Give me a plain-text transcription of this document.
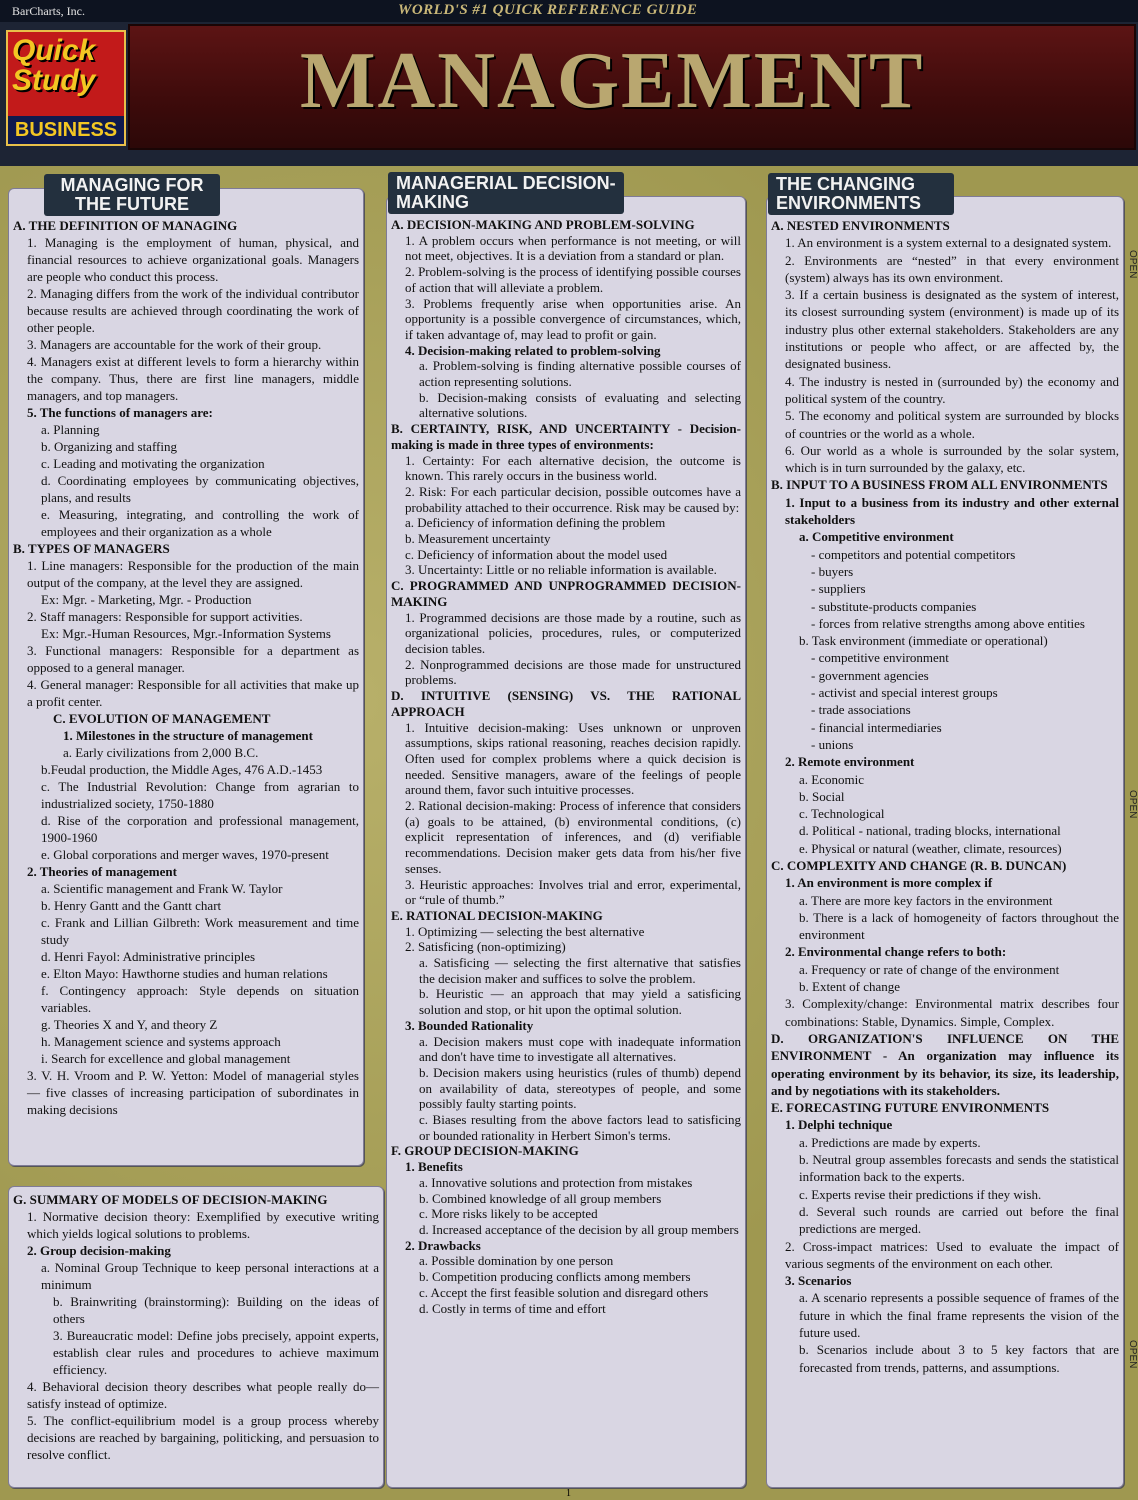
BarCharts, Inc.	WORLD'S #1 QUICK REFERENCE GUIDE
Quick
Study
BUSINESS
MANAGEMENT
MANAGING FOR
THE FUTURE

A. THE DEFINITION OF MANAGING

1. Managing is the employment of human, physical, and financial resources to achieve organizational goals. Managers are people who conduct this process.

2. Managing differs from the work of the individual contributor because results are achieved through coordinating the work of other people.

3. Managers are accountable for the work of their group.

4. Managers exist at different levels to form a hierarchy within the company. Thus, there are first line managers, middle managers, and top managers.

5. The functions of managers are:

a. Planning

b. Organizing and staffing

c. Leading and motivating the organization

d. Coordinating employees by communicating objectives, plans, and results

e. Measuring, integrating, and controlling the work of employees and their organization as a whole

B. TYPES OF MANAGERS

1. Line managers: Responsible for the production of the main output of the company, at the level they are assigned.

Ex: Mgr. - Marketing, Mgr. - Production

2. Staff managers: Responsible for support activities.

Ex: Mgr.-Human Resources, Mgr.-Information Systems

3. Functional managers: Responsible for a department as opposed to a general manager.

4. General manager: Responsible for all activities that make up a profit center.

C. EVOLUTION OF MANAGEMENT

1. Milestones in the structure of management

a. Early civilizations from 2,000 B.C.

b.Feudal production, the Middle Ages, 476 A.D.-1453

c. The Industrial Revolution: Change from agrarian to industrialized society, 1750-1880

d. Rise of the corporation and professional management, 1900-1960

e. Global corporations and merger waves, 1970-present

2. Theories of management

a. Scientific management and Frank W. Taylor

b. Henry Gantt and the Gantt chart

c. Frank and Lillian Gilbreth: Work measurement and time study

d. Henri Fayol: Administrative principles

e. Elton Mayo: Hawthorne studies and human relations

f. Contingency approach: Style depends on situation variables.

g. Theories X and Y, and theory Z

h. Management science and systems approach

i. Search for excellence and global management

3. V. H. Vroom and P. W. Yetton: Model of managerial styles — five classes of increasing participation of subordinates in making decisions

G. SUMMARY OF MODELS OF DECISION-MAKING

1. Normative decision theory: Exemplified by executive writing which yields logical solutions to problems.

2. Group decision-making

a. Nominal Group Technique to keep personal interactions at a minimum

b. Brainwriting (brainstorming): Building on the ideas of others

3. Bureaucratic model: Define jobs precisely, appoint experts, establish clear rules and procedures to achieve maximum efficiency.

4. Behavioral decision theory describes what people really do—satisfy instead of optimize.

5. The conflict-equilibrium model is a group process whereby decisions are reached by bargaining, politicking, and persuasion to resolve conflict.

MANAGERIAL DECISION-
MAKING

A. DECISION-MAKING AND PROBLEM-SOLVING

1. A problem occurs when performance is not meeting, or will not meet, objectives. It is a deviation from a standard or plan.

2. Problem-solving is the process of identifying possible courses of action that will alleviate a problem.

3. Problems frequently arise when opportunities arise. An opportunity is a possible convergence of circumstances, which, if taken advantage of, may lead to profit or gain.

4. Decision-making related to problem-solving

a. Problem-solving is finding alternative possible courses of action representing solutions.

b. Decision-making consists of evaluating and selecting alternative solutions.

B. CERTAINTY, RISK, AND UNCERTAINTY - Decision-making is made in three types of environments:

1. Certainty: For each alternative decision, the outcome is known. This rarely occurs in the business world.

2. Risk: For each particular decision, possible outcomes have a probability attached to their occurrence. Risk may be caused by:

a. Deficiency of information defining the problem

b. Measurement uncertainty

c. Deficiency of information about the model used

3. Uncertainty: Little or no reliable information is available.

C. PROGRAMMED AND UNPROGRAMMED DECISION-MAKING

1. Programmed decisions are those made by a routine, such as organizational policies, procedures, rules, or computerized decision tables.

2. Nonprogrammed decisions are those made for unstructured problems.

D. INTUITIVE (SENSING) VS. THE RATIONAL APPROACH

1. Intuitive decision-making: Uses unknown or unproven assumptions, skips rational reasoning, reaches decision rapidly. Often used for complex problems where a quick decision is needed. Sensitive managers, aware of the feelings of people around them, favor such intuitive processes.

2. Rational decision-making: Process of inference that considers (a) goals to be attained, (b) environmental conditions, (c) explicit representation of inferences, and (d) verifiable recommendations. Decision maker gets data from his/her five senses.

3. Heuristic approaches: Involves trial and error, experimental, or “rule of thumb.”

E. RATIONAL DECISION-MAKING

1. Optimizing — selecting the best alternative

2. Satisficing (non-optimizing)

a. Satisficing — selecting the first alternative that satisfies the decision maker and suffices to solve the problem.

b. Heuristic — an approach that may yield a satisficing solution and stop, or hit upon the optimal solution.

3. Bounded Rationality

a. Decision makers must cope with inadequate information and don't have time to investigate all alternatives.

b. Decision makers using heuristics (rules of thumb) depend on availability of data, stereotypes of people, and some possibly faulty starting points.

c. Biases resulting from the above factors lead to satisficing or bounded rationality in Herbert Simon's terms.

F. GROUP DECISION-MAKING

1. Benefits

a. Innovative solutions and protection from mistakes

b. Combined knowledge of all group members

c. More risks likely to be accepted

d. Increased acceptance of the decision by all group members

2. Drawbacks

a. Possible domination by one person

b. Competition producing conflicts among members

c. Accept the first feasible solution and disregard others

d. Costly in terms of time and effort

THE CHANGING
ENVIRONMENTS

A. NESTED ENVIRONMENTS

1. An environment is a system external to a designated system.

2. Environments are “nested” in that every environment (system) always has its own environment.

3. If a certain business is designated as the system of interest, its closest surrounding system (environment) is made up of its industry plus other external stakeholders. Stakeholders are any institutions or people who affect, or are affected by, the designated business.

4. The industry is nested in (surrounded by) the economy and political system of the country.

5. The economy and political system are surrounded by blocks of countries or the world as a whole.

6. Our world as a whole is surrounded by the solar system, which is in turn surrounded by the galaxy, etc.

B. INPUT TO A BUSINESS FROM ALL ENVIRONMENTS

1. Input to a business from its industry and other external stakeholders

a. Competitive environment

- competitors and potential competitors

- buyers

- suppliers

- substitute-products companies

- forces from relative strengths among above entities

b. Task environment (immediate or operational)

- competitive environment

- government agencies

- activist and special interest groups

- trade associations

- financial intermediaries

- unions

2. Remote environment

a. Economic

b. Social

c. Technological

d. Political - national, trading blocks, international

e. Physical or natural (weather, climate, resources)

C. COMPLEXITY AND CHANGE (R. B. DUNCAN)

1. An environment is more complex if

a. There are more key factors in the environment

b. There is a lack of homogeneity of factors throughout the environment

2. Environmental change refers to both:

a. Frequency or rate of change of the environment

b. Extent of change

3. Complexity/change: Environmental matrix describes four combinations: Stable, Dynamics. Simple, Complex.

D. ORGANIZATION'S INFLUENCE ON THE ENVIRONMENT - An organization may influence its operating environment by its behavior, its size, its leadership, and by negotiations with its stakeholders.

E. FORECASTING FUTURE ENVIRONMENTS

1. Delphi technique

a. Predictions are made by experts.

b. Neutral group assembles forecasts and sends the statistical information back to the experts.

c. Experts revise their predictions if they wish.

d. Several such rounds are carried out before the final predictions are merged.

2. Cross-impact matrices: Used to evaluate the impact of various segments of the environment on each other.

3. Scenarios

a. A scenario represents a possible sequence of frames of the future in which the final frame represents the vision of the future used.

b. Scenarios include about 3 to 5 key factors that are forecasted from trends, patterns, and assumptions.

OPEN
OPEN
OPEN
1
